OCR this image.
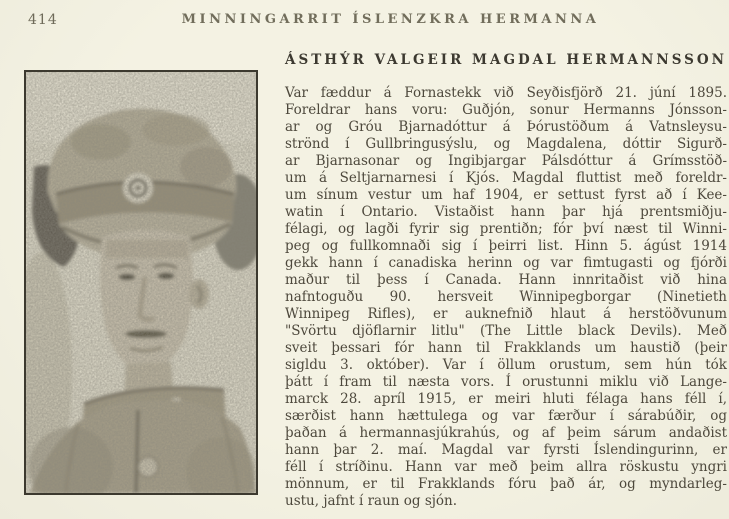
414	MINNINGARRIT ÍSLENZKRA HERMANNA
ÁSTHÝR VALGEIR MAGDAL HERMANNSSON
Var fæddur á Fornastekk við Seyðisfjörð 21. júní 1895.
Foreldrar hans voru: Guðjón, sonur Hermanns Jónsson-
ar og Gróu Bjarnadóttur á Þórustöðum á Vatnsleysu-
strönd í Gullbringusýslu, og Magdalena, dóttir Sigurð-
ar Bjarnasonar og Ingibjargar Pálsdóttur á Grímsstöð-
um á Seltjarnarnesi í Kjós. Magdal fluttist með foreldr-
um sínum vestur um haf 1904, er settust fyrst að í Kee-
watin í Ontario. Vistaðist hann þar hjá prentsmiðju-
félagi, og lagði fyrir sig prentiðn; fór því næst til Winni-
peg og fullkomnaði sig í þeirri list. Hinn 5. ágúst 1914
gekk hann í canadiska herinn og var fimtugasti og fjórði
maður til þess í Canada. Hann innritaðist við hina
nafntoguðu 90. hersveit Winnipegborgar (Ninetieth
Winnipeg Rifles), er auknefnið hlaut á herstöðvunum
"Svörtu djöflarnir litlu" (The Little black Devils). Með
sveit þessari fór hann til Frakklands um haustið (þeir
sigldu 3. október). Var í öllum orustum, sem hún tók
þátt í fram til næsta vors. Í orustunni miklu við Lange-
marck 28. apríl 1915, er meiri hluti félaga hans féll í,
særðist hann hættulega og var færður í sárabúðir, og
þaðan á hermannasjúkrahús, og af þeim sárum andaðist
hann þar 2. maí. Magdal var fyrsti Íslendingurinn, er
féll í stríðinu. Hann var með þeim allra röskustu yngri
mönnum, er til Frakklands fóru það ár, og myndarleg-
ustu, jafnt í raun og sjón.
